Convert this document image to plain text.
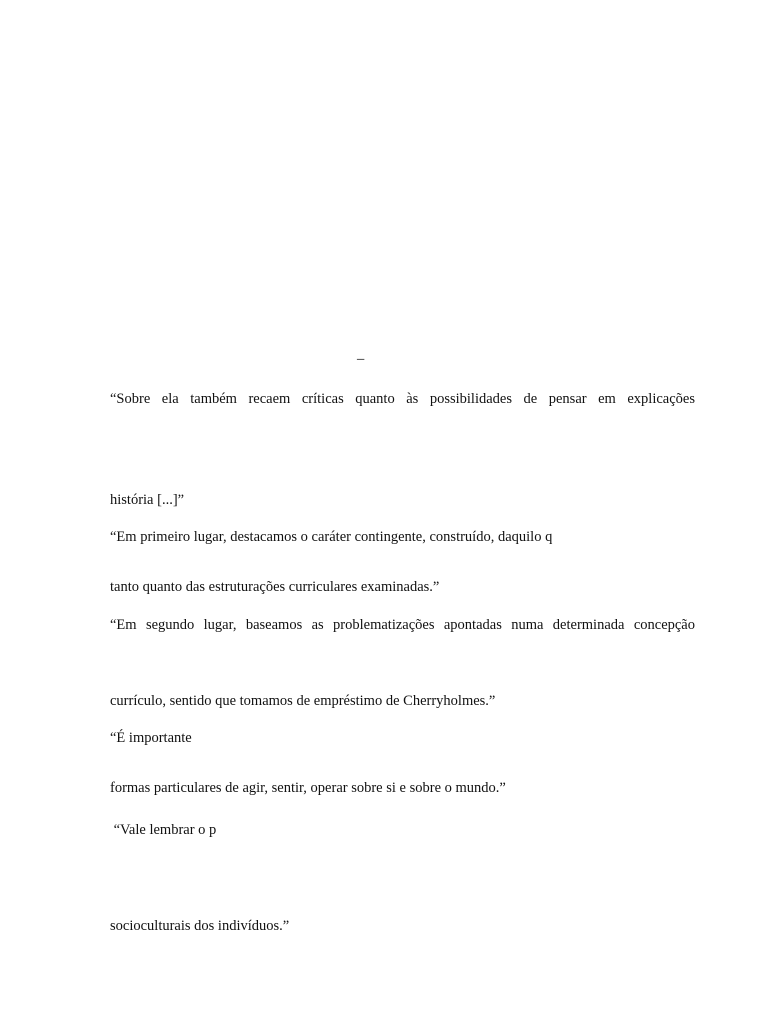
–
“Sobre ela também recaem críticas quanto às possibilidades de pensar em explicações
história [...]”
“Em primeiro lugar, destacamos o caráter contingente, construído, daquilo q
tanto quanto das estruturações curriculares examinadas.”
“Em segundo lugar, baseamos as problematizações apontadas numa determinada concepção
currículo, sentido que tomamos de empréstimo de Cherryholmes.”
“É importante
formas particulares de agir, sentir, operar sobre si e sobre o mundo.”
“Vale lembrar o p
socioculturais dos indivíduos.”
